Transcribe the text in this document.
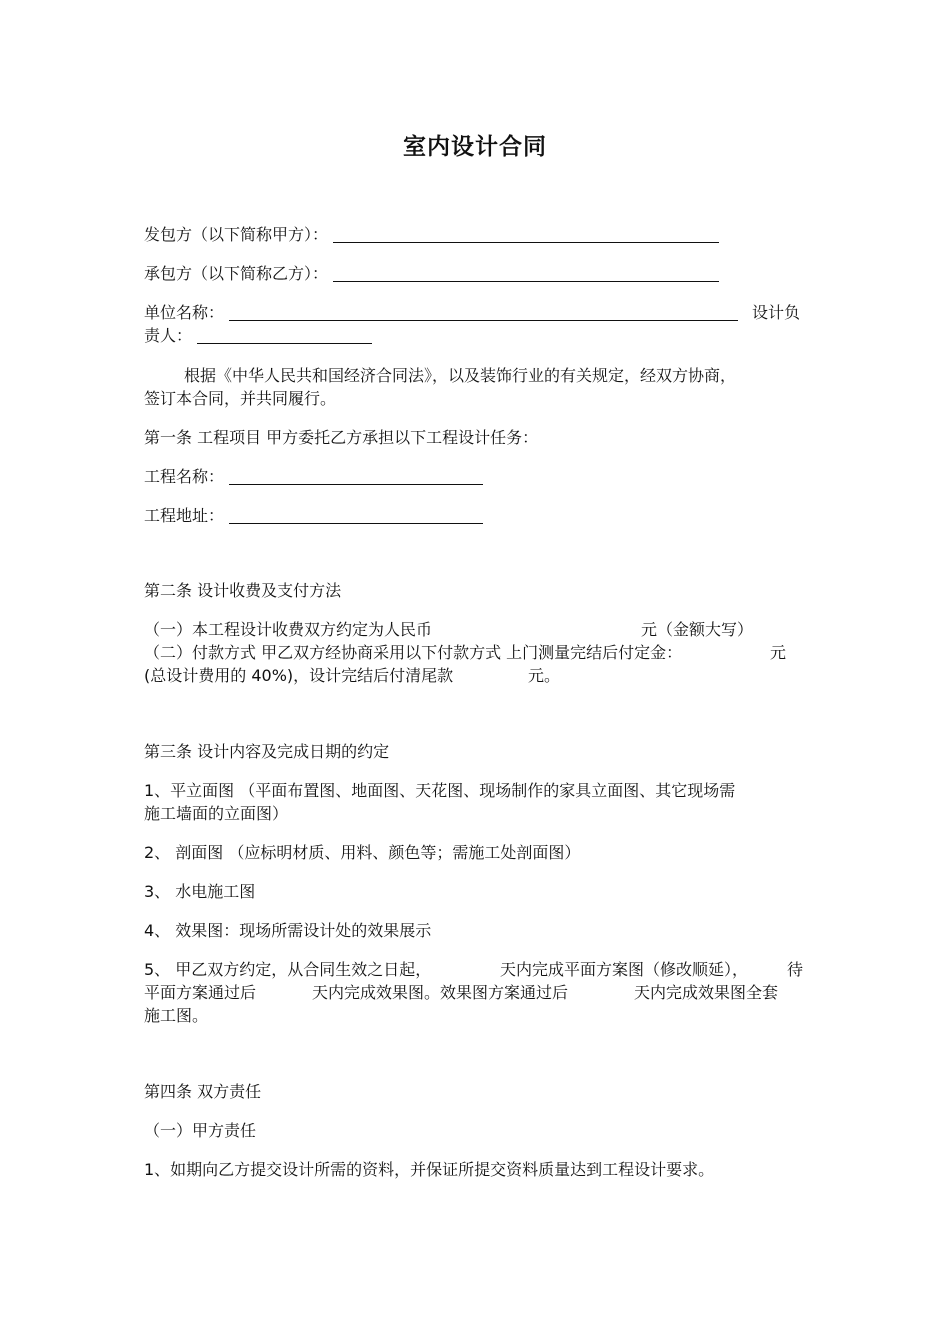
室内设计合同
发包方（以下简称甲方）：
承包方（以下简称乙方）：
单位名称：	设计负
责人：
根据《中华人民共和国经济合同法》，以及装饰行业的有关规定，经双方协商，
签订本合同，并共同履行。
第一条 工程项目 甲方委托乙方承担以下工程设计任务：
工程名称：
工程地址：
第二条 设计收费及支付方法
（一）本工程设计收费双方约定为人民币	元（金额大写）
（二）付款方式 甲乙双方经协商采用以下付款方式 上门测量完结后付定金：	元
(总设计费用的 40%)，设计完结后付清尾款	元。
第三条 设计内容及完成日期的约定
1、平立面图 （平面布置图、地面图、天花图、现场制作的家具立面图、其它现场需
施工墙面的立面图）
2、 剖面图 （应标明材质、用料、颜色等；需施工处剖面图）
3、 水电施工图
4、 效果图：现场所需设计处的效果展示
5、 甲乙双方约定，从合同生效之日起，	天内完成平面方案图（修改顺延）， 待
平面方案通过后	天内完成效果图。效果图方案通过后	天内完成效果图全套
施工图。
第四条 双方责任
（一）甲方责任
1、如期向乙方提交设计所需的资料，并保证所提交资料质量达到工程设计要求。
